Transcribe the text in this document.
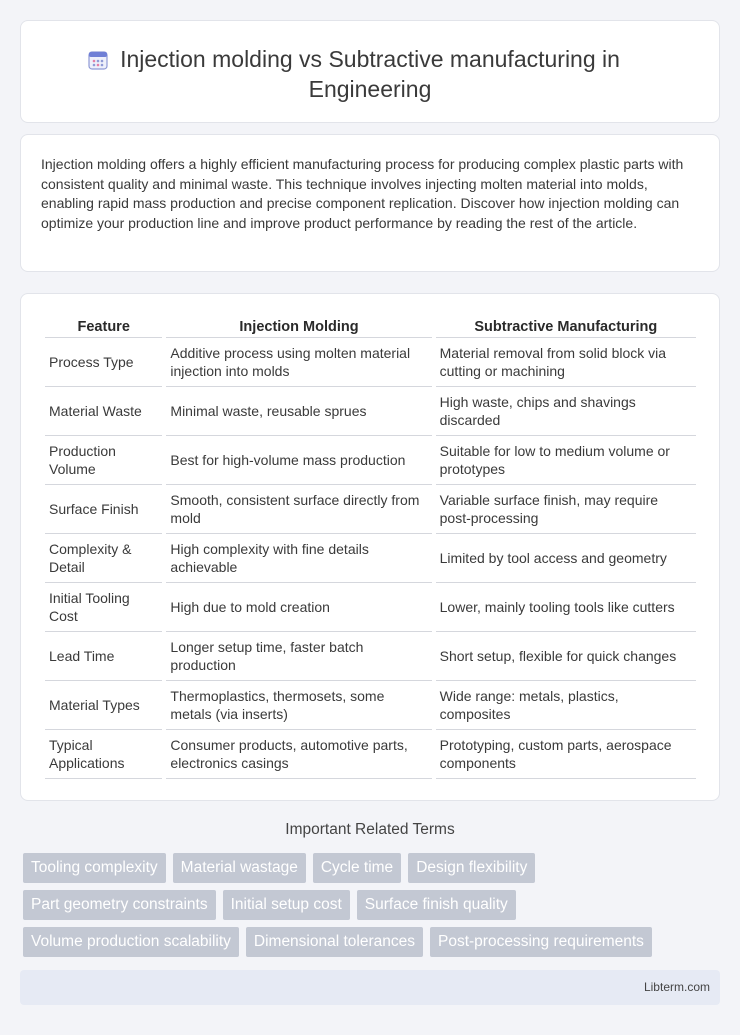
Injection molding vs Subtractive manufacturing in Engineering

Injection molding offers a highly efficient manufacturing process for producing complex plastic parts with consistent quality and minimal waste. This technique involves injecting molten material into molds, enabling rapid mass production and precise component replication. Discover how injection molding can optimize your production line and improve product performance by reading the rest of the article.

Feature	Injection Molding	Subtractive Manufacturing
Process Type	Additive process using molten material injection into molds	Material removal from solid block via cutting or machining
Material Waste	Minimal waste, reusable sprues	High waste, chips and shavings discarded
Production Volume	Best for high-volume mass production	Suitable for low to medium volume or prototypes
Surface Finish	Smooth, consistent surface directly from mold	Variable surface finish, may require post-processing
Complexity & Detail	High complexity with fine details achievable	Limited by tool access and geometry
Initial Tooling Cost	High due to mold creation	Lower, mainly tooling tools like cutters
Lead Time	Longer setup time, faster batch production	Short setup, flexible for quick changes
Material Types	Thermoplastics, thermosets, some metals (via inserts)	Wide range: metals, plastics, composites
Typical Applications	Consumer products, automotive parts, electronics casings	Prototyping, custom parts, aerospace components
Important Related Terms
Tooling complexity	Material wastage	Cycle time	Design flexibility
Part geometry constraints	Initial setup cost	Surface finish quality
Volume production scalability	Dimensional tolerances	Post-processing requirements
Libterm.com
